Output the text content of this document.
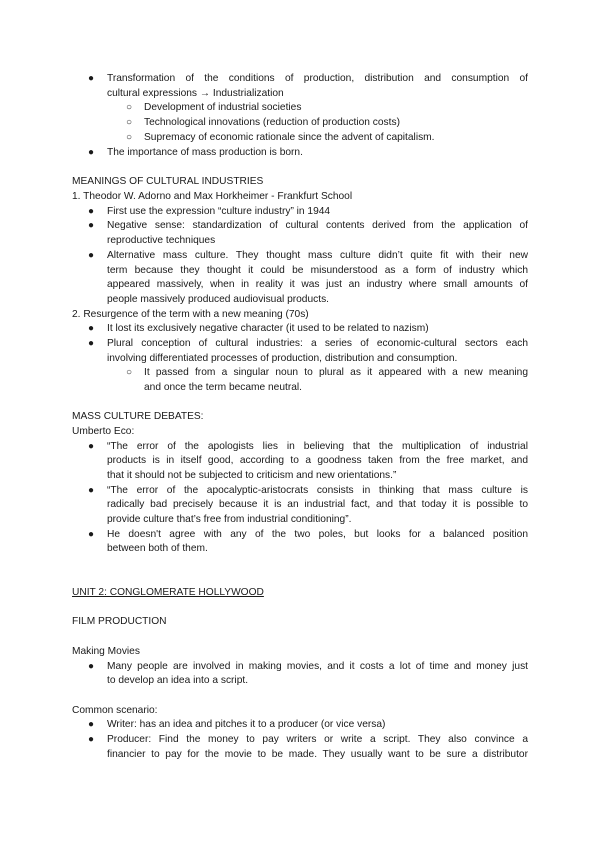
● Transformation of the conditions of production, distribution and consumption of
cultural expressions → Industrialization
○ Development of industrial societies
○ Technological innovations (reduction of production costs)
○ Supremacy of economic rationale since the advent of capitalism.
● The importance of mass production is born.
MEANINGS OF CULTURAL INDUSTRIES
1. Theodor W. Adorno and Max Horkheimer - Frankfurt School
● First use the expression “culture industry” in 1944
● Negative sense: standardization of cultural contents derived from the application of
reproductive techniques
● Alternative mass culture. They thought mass culture didn’t quite fit with their new
term because they thought it could be misunderstood as a form of industry which
appeared massively, when in reality it was just an industry where small amounts of
people massively produced audiovisual products.
2. Resurgence of the term with a new meaning (70s)
● It lost its exclusively negative character (it used to be related to nazism)
● Plural conception of cultural industries: a series of economic-cultural sectors each
involving differentiated processes of production, distribution and consumption.
○ It passed from a singular noun to plural as it appeared with a new meaning
and once the term became neutral.
MASS CULTURE DEBATES:
Umberto Eco:
● “The error of the apologists lies in believing that the multiplication of industrial
products is in itself good, according to a goodness taken from the free market, and
that it should not be subjected to criticism and new orientations.”
● “The error of the apocalyptic-aristocrats consists in thinking that mass culture is
radically bad precisely because it is an industrial fact, and that today it is possible to
provide culture that’s free from industrial conditioning”.
● He doesn't agree with any of the two poles, but looks for a balanced position
between both of them.
UNIT 2: CONGLOMERATE HOLLYWOOD
FILM PRODUCTION
Making Movies
● Many people are involved in making movies, and it costs a lot of time and money just
to develop an idea into a script.
Common scenario:
● Writer: has an idea and pitches it to a producer (or vice versa)
● Producer: Find the money to pay writers or write a script. They also convince a
financier to pay for the movie to be made. They usually want to be sure a distributor
